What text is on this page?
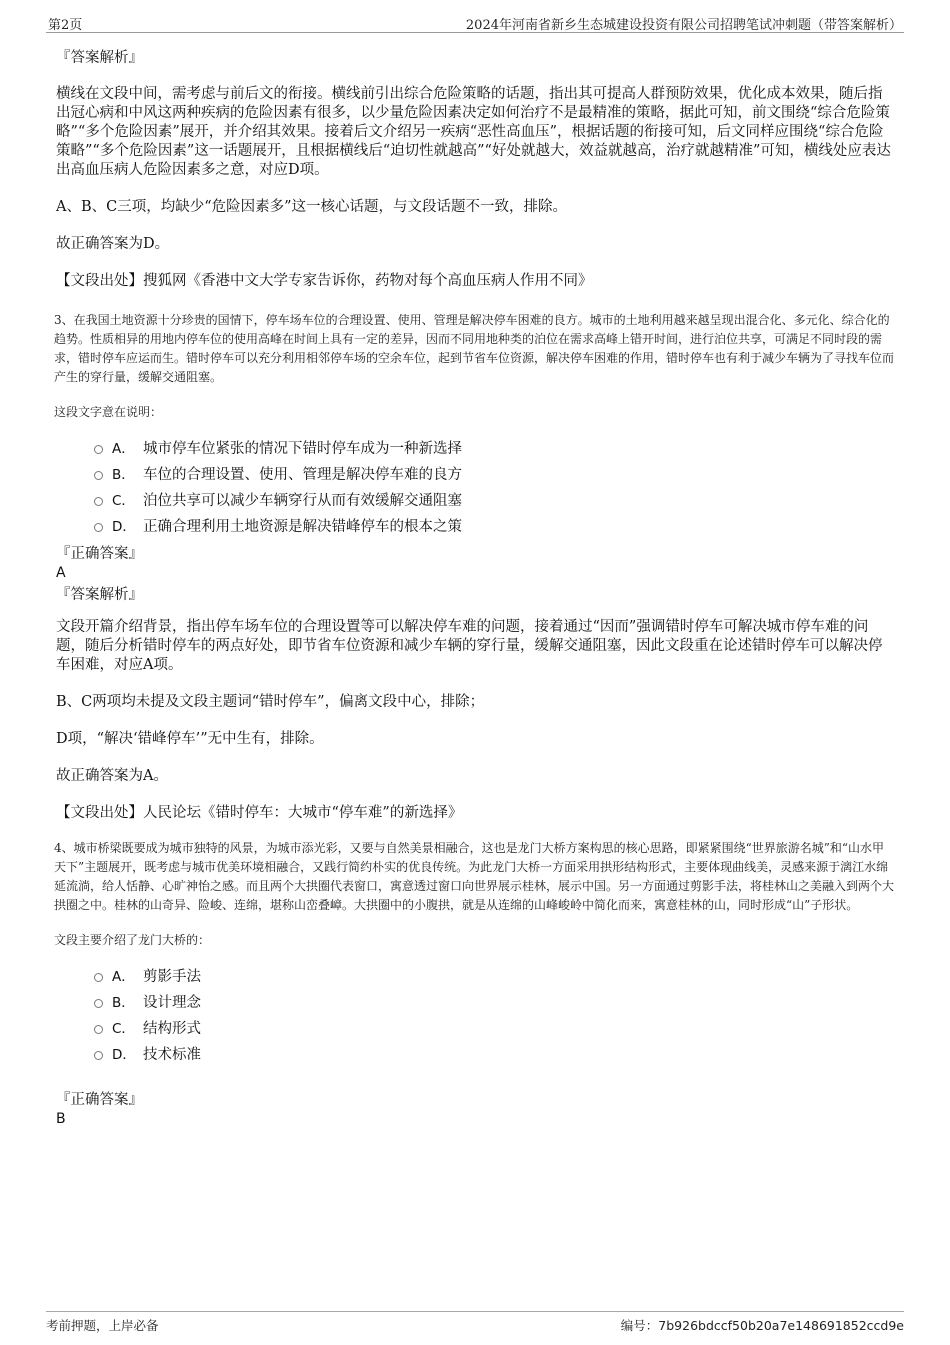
第2页	2024年河南省新乡生态城建设投资有限公司招聘笔试冲刺题（带答案解析）
『答案解析』

横线在文段中间，需考虑与前后文的衔接。横线前引出综合危险策略的话题，指出其可提高人群预防效果，优化成本效果，随后指出冠心病和中风这两种疾病的危险因素有很多，以少量危险因素决定如何治疗不是最精准的策略，据此可知，前文围绕“综合危险策略”“多个危险因素”展开，并介绍其效果。接着后文介绍另一疾病“恶性高血压”，根据话题的衔接可知，后文同样应围绕“综合危险策略”“多个危险因素”这一话题展开，且根据横线后“迫切性就越高”“好处就越大，效益就越高，治疗就越精准”可知，横线处应表达出高血压病人危险因素多之意，对应D项。

A、B、C三项，均缺少“危险因素多”这一核心话题，与文段话题不一致，排除。

故正确答案为D。

【文段出处】搜狐网《香港中文大学专家告诉你，药物对每个高血压病人作用不同》

3、在我国土地资源十分珍贵的国情下，停车场车位的合理设置、使用、管理是解决停车困难的良方。城市的土地利用越来越呈现出混合化、多元化、综合化的趋势。性质相异的用地内停车位的使用高峰在时间上具有一定的差异，因而不同用地种类的泊位在需求高峰上错开时间，进行泊位共享，可满足不同时段的需求，错时停车应运而生。错时停车可以充分利用相邻停车场的空余车位，起到节省车位资源，解决停车困难的作用，错时停车也有利于减少车辆为了寻找车位而产生的穿行量，缓解交通阻塞。

这段文字意在说明：
A． 城市停车位紧张的情况下错时停车成为一种新选择
B． 车位的合理设置、使用、管理是解决停车难的良方
C． 泊位共享可以减少车辆穿行从而有效缓解交通阻塞
D． 正确合理利用土地资源是解决错峰停车的根本之策
『正确答案』
A
『答案解析』

文段开篇介绍背景，指出停车场车位的合理设置等可以解决停车难的问题，接着通过“因而”强调错时停车可解决城市停车难的问题，随后分析错时停车的两点好处，即节省车位资源和减少车辆的穿行量，缓解交通阻塞，因此文段重在论述错时停车可以解决停车困难，对应A项。

B、C两项均未提及文段主题词“错时停车”，偏离文段中心，排除；

D项，“解决‘错峰停车’”无中生有，排除。

故正确答案为A。

【文段出处】人民论坛《错时停车：大城市“停车难”的新选择》

4、城市桥梁既要成为城市独特的风景，为城市添光彩，又要与自然美景相融合，这也是龙门大桥方案构思的核心思路，即紧紧围绕“世界旅游名城”和“山水甲天下”主题展开，既考虑与城市优美环境相融合，又践行简约朴实的优良传统。为此龙门大桥一方面采用拱形结构形式，主要体现曲线美，灵感来源于漓江水绵延流淌，给人恬静、心旷神怡之感。而且两个大拱圈代表窗口，寓意透过窗口向世界展示桂林，展示中国。另一方面通过剪影手法，将桂林山之美融入到两个大拱圈之中。桂林的山奇异、险峻、连绵，堪称山峦叠嶂。大拱圈中的小腹拱，就是从连绵的山峰峻岭中简化而来，寓意桂林的山，同时形成“山”子形状。

文段主要介绍了龙门大桥的：
A． 剪影手法
B． 设计理念
C． 结构形式
D． 技术标准
『正确答案』
B
考前押题，上岸必备	编号：7b926bdccf50b20a7e148691852ccd9e
